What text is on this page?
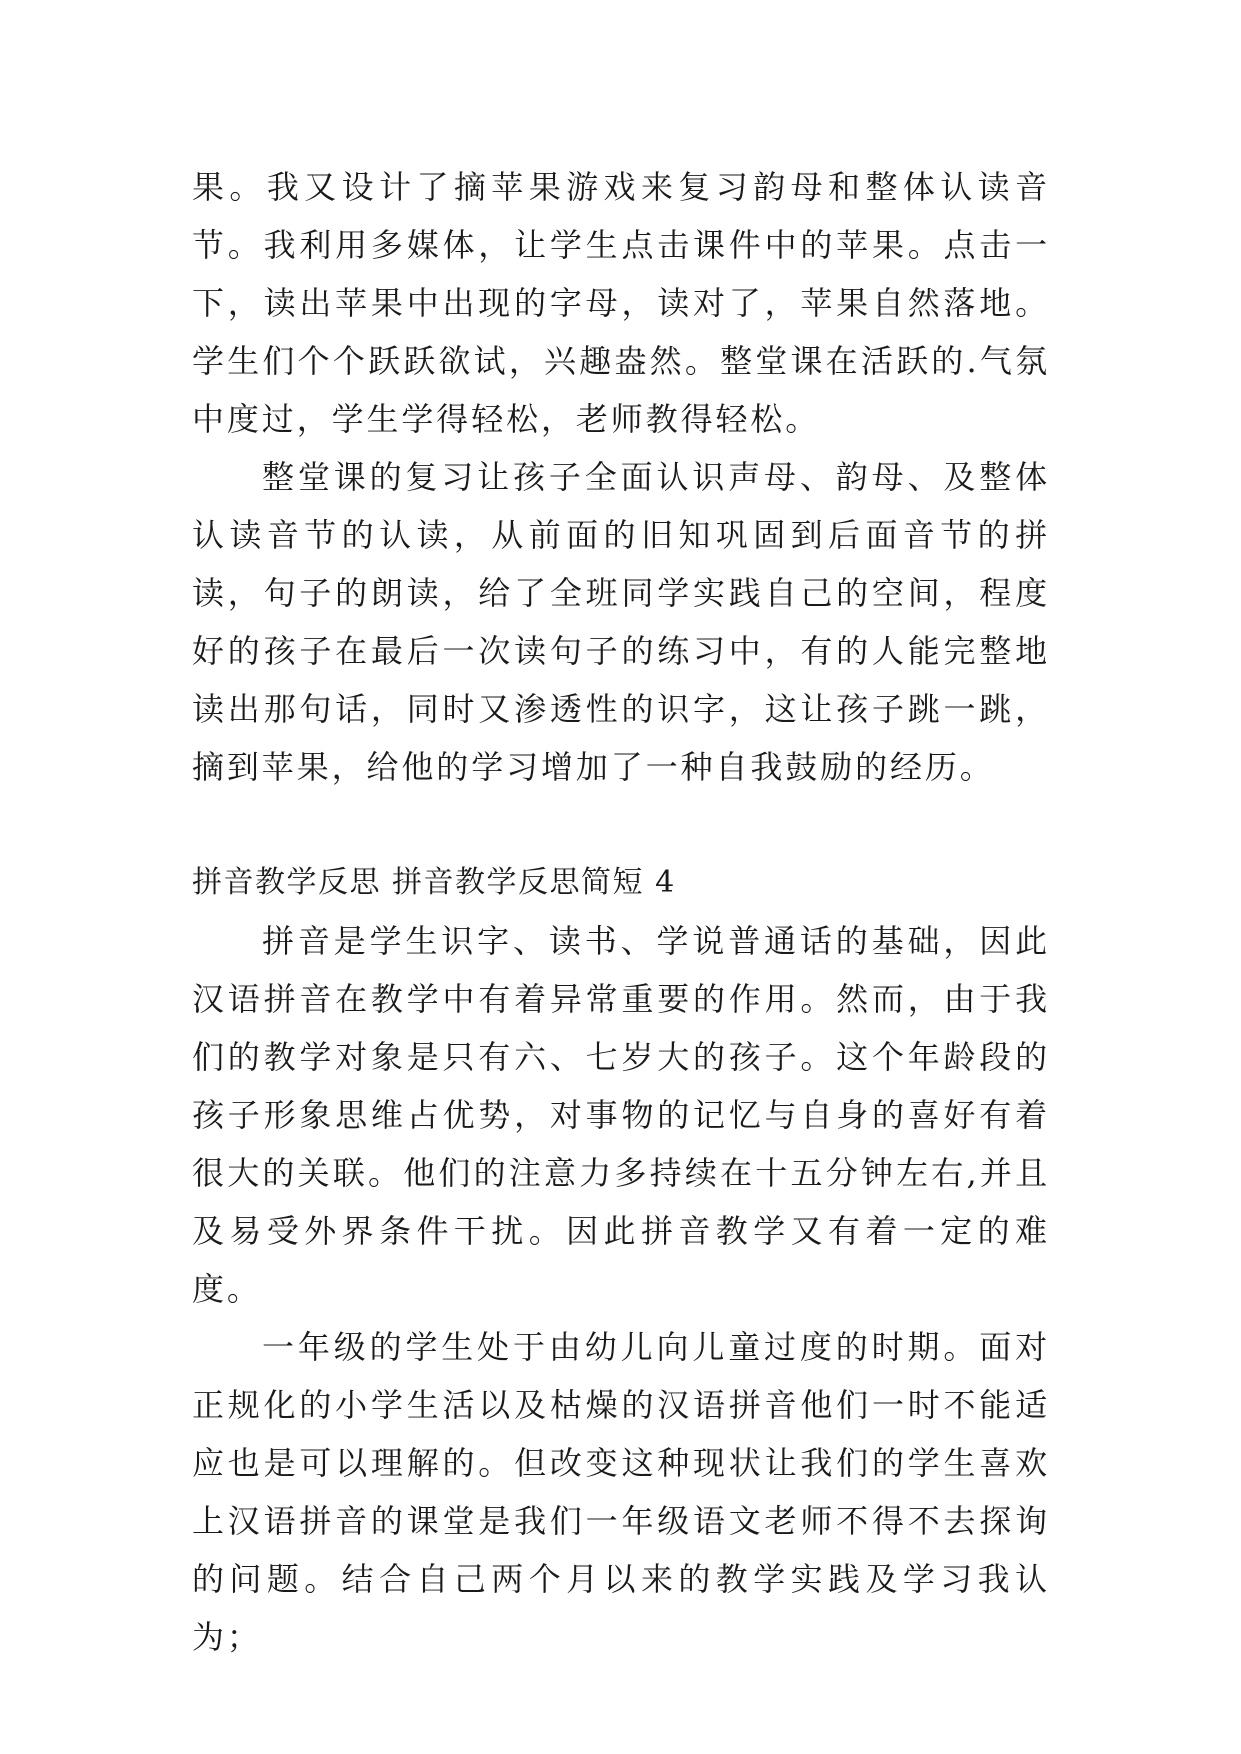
果。我又设计了摘苹果游戏来复习韵母和整体认读音节。我利用多媒体，让学生点击课件中的苹果。点击一下，读出苹果中出现的字母，读对了，苹果自然落地。学生们个个跃跃欲试，兴趣盎然。整堂课在活跃的.气氛中度过，学生学得轻松，老师教得轻松。

整堂课的复习让孩子全面认识声母、韵母、及整体认读音节的认读，从前面的旧知巩固到后面音节的拼读，句子的朗读，给了全班同学实践自己的空间，程度好的孩子在最后一次读句子的练习中，有的人能完整地读出那句话，同时又渗透性的识字，这让孩子跳一跳，摘到苹果，给他的学习增加了一种自我鼓励的经历。

拼音教学反思 拼音教学反思简短 4

拼音是学生识字、读书、学说普通话的基础，因此汉语拼音在教学中有着异常重要的作用。然而，由于我们的教学对象是只有六、七岁大的孩子。这个年龄段的孩子形象思维占优势，对事物的记忆与自身的喜好有着很大的关联。他们的注意力多持续在十五分钟左右,并且及易受外界条件干扰。因此拼音教学又有着一定的难度。

一年级的学生处于由幼儿向儿童过度的时期。面对正规化的小学生活以及枯燥的汉语拼音他们一时不能适应也是可以理解的。但改变这种现状让我们的学生喜欢上汉语拼音的课堂是我们一年级语文老师不得不去探询的问题。结合自己两个月以来的教学实践及学习我认为；
